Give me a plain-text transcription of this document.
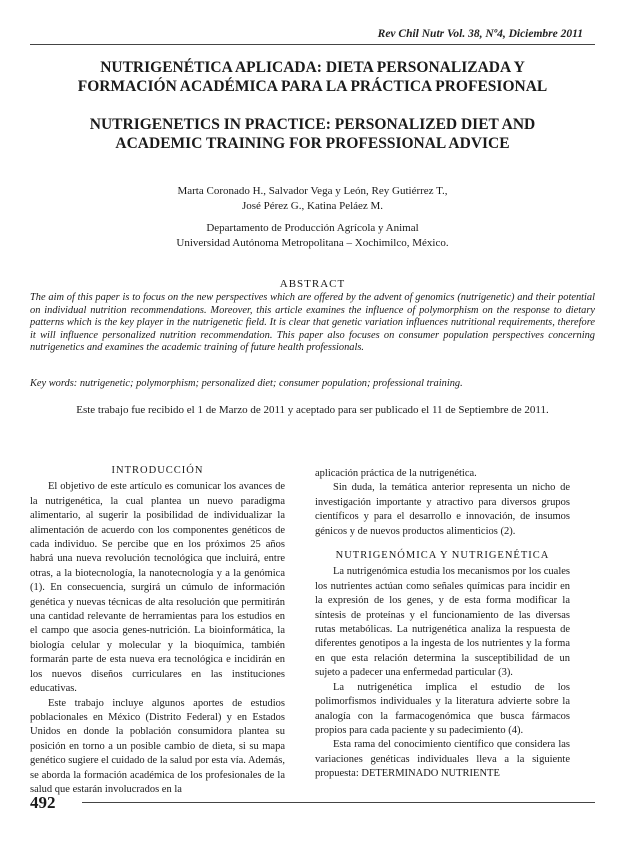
Rev Chil Nutr Vol. 38, Nº4, Diciembre 2011
NUTRIGENÉTICA APLICADA: DIETA PERSONALIZADA Y
FORMACIÓN ACADÉMICA PARA LA PRÁCTICA PROFESIONAL
NUTRIGENETICS IN PRACTICE: PERSONALIZED DIET AND
ACADEMIC TRAINING FOR PROFESSIONAL ADVICE
Marta Coronado H., Salvador Vega y León, Rey Gutiérrez T.,
José Pérez G., Katina Peláez M.
Departamento de Producción Agrícola y Animal
Universidad Autónoma Metropolitana – Xochimilco, México.
ABSTRACT
The aim of this paper is to focus on the new perspectives which are offered by the advent of genomics (nutrigenetic) and their potential on individual nutrition recommendations. Moreover, this article examines the influence of polymorphism on the response to dietary patterns which is the key player in the nutrigenetic field. It is clear that genetic variation influences nutritional requirements, therefore it will influence personalized nutrition recommendation. This paper also focuses on consumer population perspectives concerning nutrigenetics and examines the academic training of future health professionals.
Key words: nutrigenetic; polymorphism; personalized diet; consumer population; professional training.
Este trabajo fue recibido el 1 de Marzo de 2011 y aceptado para ser publicado el 11 de Septiembre de 2011.
INTRODUCCIÓN

El objetivo de este artículo es comunicar los avances de la nutrigenética, la cual plantea un nuevo paradigma alimentario, al sugerir la posibilidad de individualizar la alimentación de acuerdo con los componentes genéticos de cada individuo. Se percibe que en los próximos 25 años habrá una nueva revolución tecnológica que incluirá, entre otras, a la biotecnología, la nanotecnología y a la genómica (1). En consecuencia, surgirá un cúmulo de información genética y nuevas técnicas de alta resolución que permitirán una cantidad relevante de herramientas para los estudios en el campo que asocia genes-nutrición. La bioinformática, la biología celular y molecular y la bioquímica, también formarán parte de esta nueva era tecnológica e incidirán en los nuevos diseños curriculares en las instituciones educativas.

Este trabajo incluye algunos aportes de estudios poblacionales en México (Distrito Federal) y en Estados Unidos en donde la población consumidora plantea su posición en torno a un posible cambio de dieta, si su mapa genético sugiere el cuidado de la salud por esta vía. Además, se aborda la formación académica de los profesionales de la salud que estarán involucrados en la

aplicación práctica de la nutrigenética.

Sin duda, la temática anterior representa un nicho de investigación importante y atractivo para diversos grupos científicos y para el desarrollo e innovación, de insumos génicos y de nuevos productos alimenticios (2).

NUTRIGENÓMICA Y NUTRIGENÉTICA

La nutrigenómica estudia los mecanismos por los cuales los nutrientes actúan como señales químicas para incidir en la expresión de los genes, y de esta forma modificar la síntesis de proteínas y el funcionamiento de las diversas rutas metabólicas. La nutrigenética analiza la respuesta de diferentes genotipos a la ingesta de los nutrientes y la forma en que esta relación determina la susceptibilidad de un sujeto a padecer una enfermedad particular (3).

La nutrigenética implica el estudio de los polimorfismos individuales y la literatura advierte sobre la analogía con la farmacogenómica que busca fármacos propios para cada paciente y su padecimiento (4).

Esta rama del conocimiento científico que considera las variaciones genéticas individuales lleva a la siguiente propuesta: DETERMINADO NUTRIENTE

492
